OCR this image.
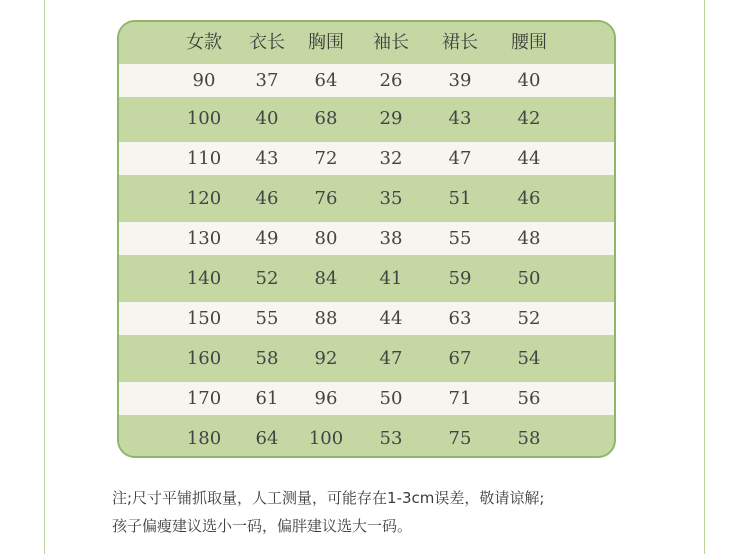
女款	衣长	胸围	袖长	裙长	腰围
90	37	64	26	39	40
100	40	68	29	43	42
110	43	72	32	47	44
120	46	76	35	51	46
130	49	80	38	55	48
140	52	84	41	59	50
150	55	88	44	63	52
160	58	92	47	67	54
170	61	96	50	71	56
180	64	100	53	75	58
注;尺寸平铺抓取量，人工测量，可能存在1-3cm误差，敬请谅解;
孩子偏瘦建议选小一码，偏胖建议选大一码。
